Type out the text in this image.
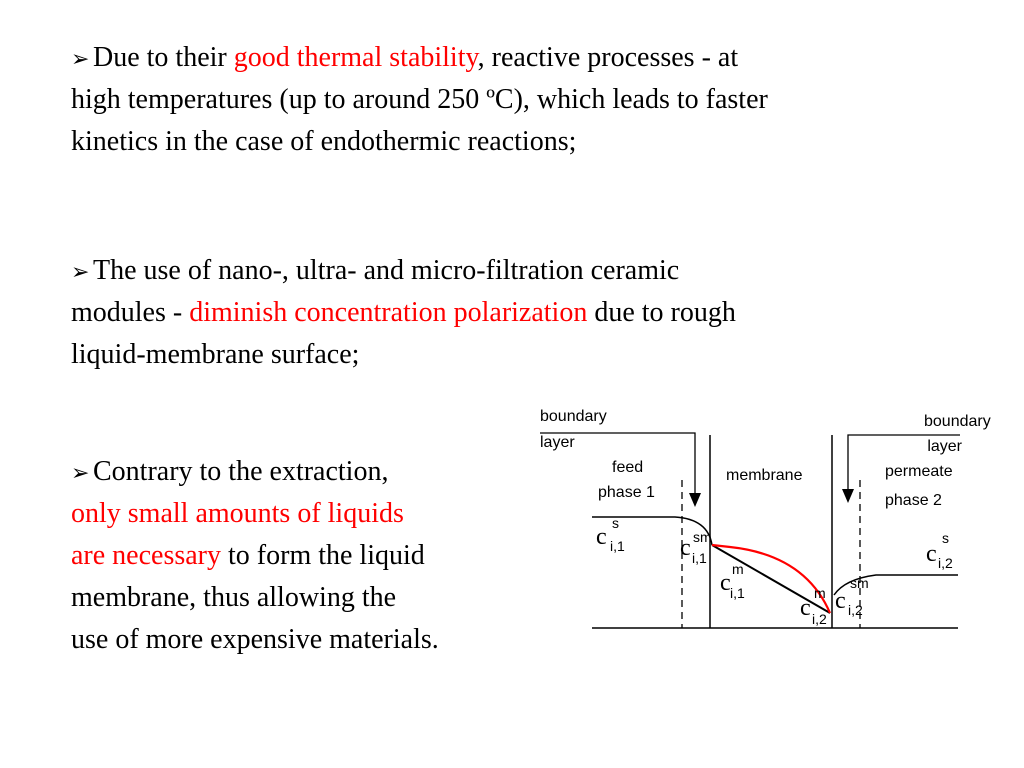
➢ Due to their good thermal stability, reactive processes - at
high temperatures (up to around 250 ºC), which leads to faster
kinetics in the case of endothermic reactions;
➢ The use of nano-, ultra- and micro-filtration ceramic
modules - diminish concentration polarization due to rough
liquid-membrane surface;
➢ Contrary to the extraction,
only small amounts of liquids
are necessary to form the liquid
membrane, thus allowing the
use of more expensive materials.
boundary
layer
boundary
layer
feed
phase 1
membrane	permeate
phase 2
c
s
i,1 c sm
i,1
c
m
i,1
c
m
i,2
c
sm
i,2
c
s
i,2
